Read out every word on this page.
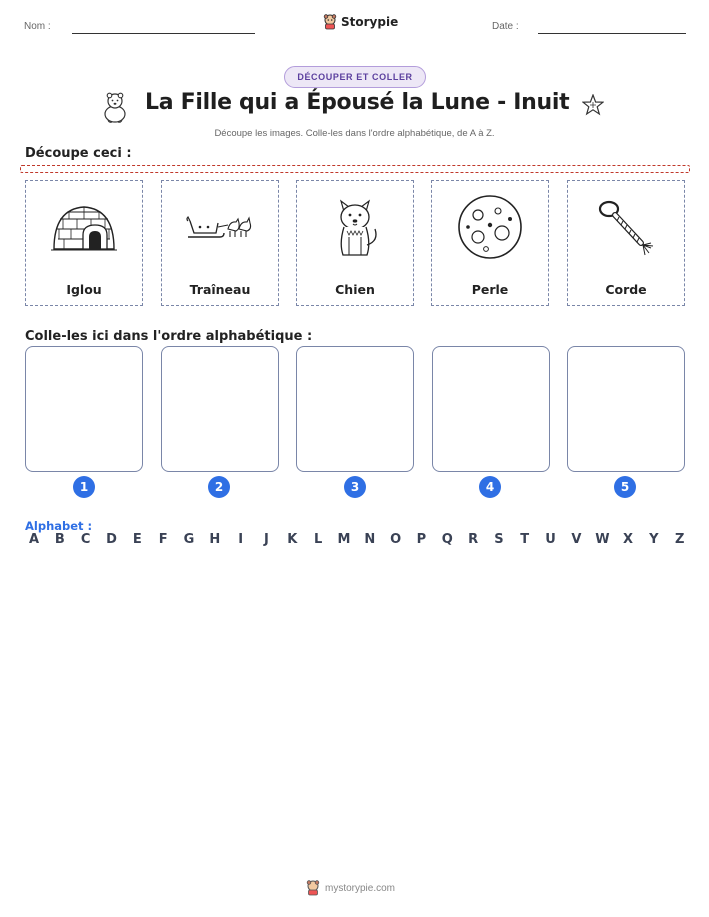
Nom :	Storypie	Date :
DÉCOUPER ET COLLER
La Fille qui a Épousé la Lune - Inuit
Découpe les images. Colle-les dans l'ordre alphabétique, de A à Z.
Découpe ceci :
Iglou	Traîneau	Chien	Perle	Corde
Colle-les ici dans l'ordre alphabétique :
1	2	3	4	5
Alphabet :
A B C D E F G H	I	J	K L M N O P Q R S T U V W X Y Z
mystorypie.com
